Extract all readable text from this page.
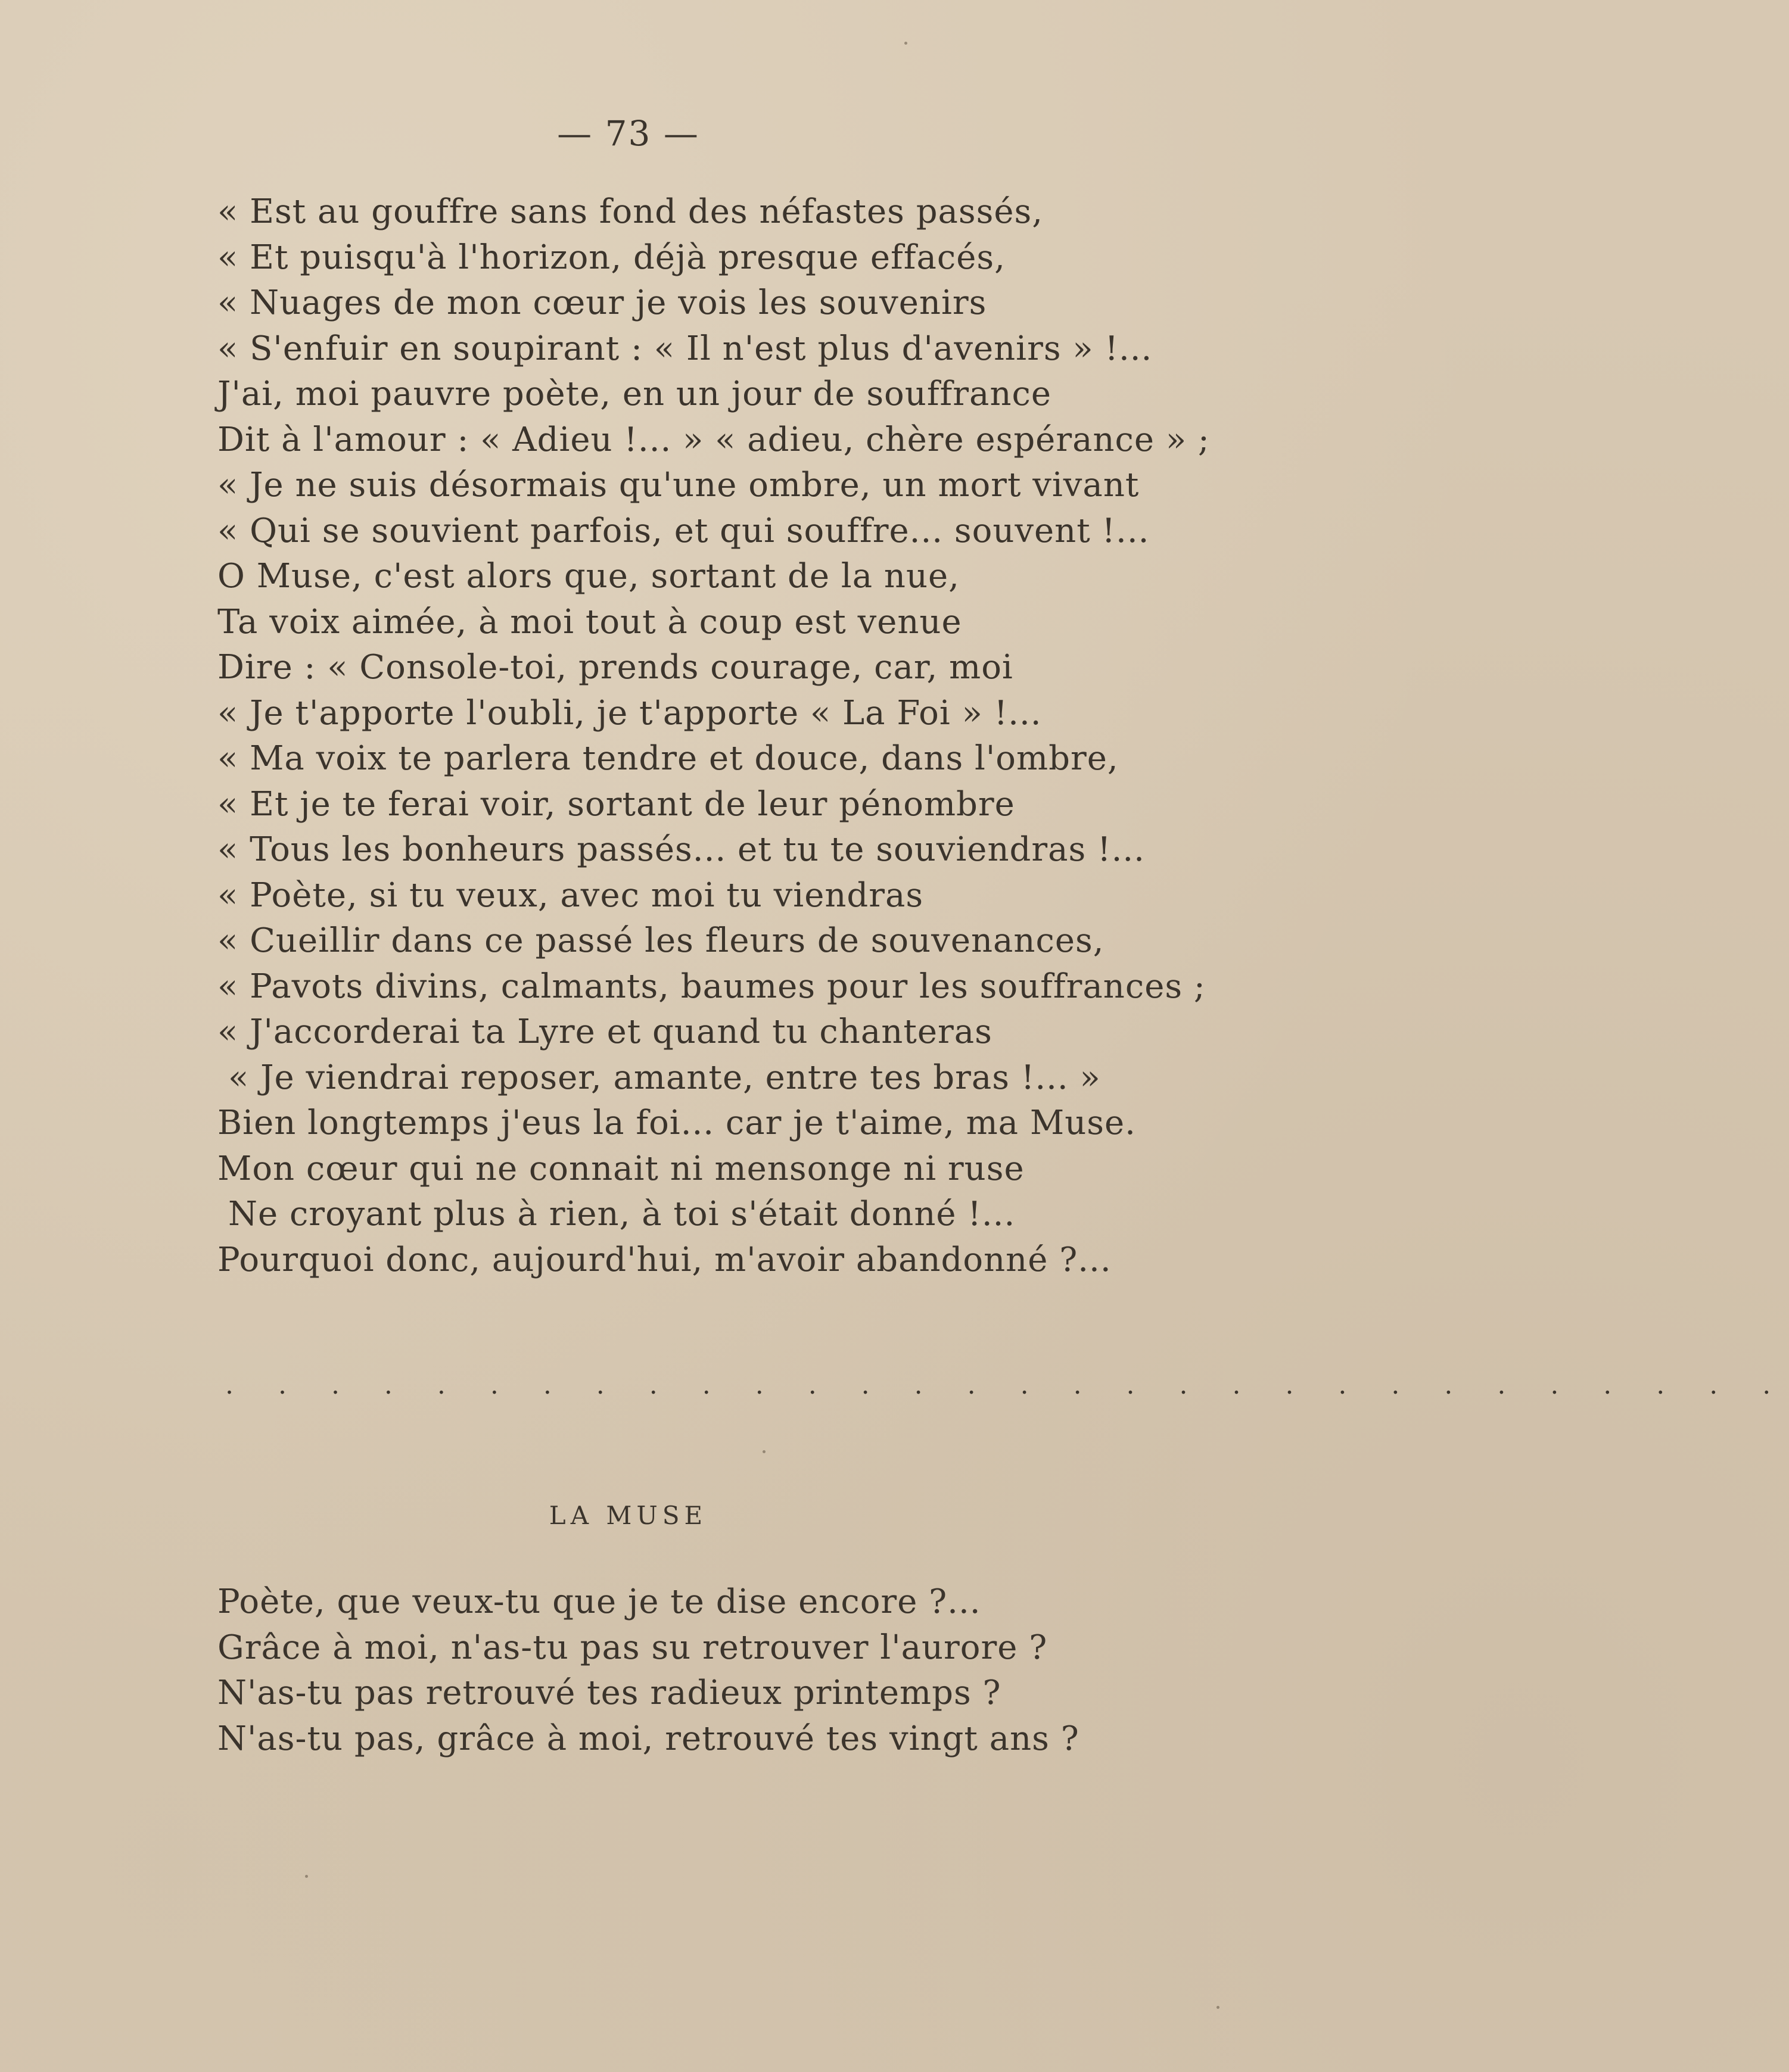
— 73 —
« Est au gouffre sans fond des néfastes passés,
« Et puisqu'à l'horizon, déjà presque effacés,
« Nuages de mon cœur je vois les souvenirs
« S'enfuir en soupirant : « Il n'est plus d'avenirs » !...
J'ai, moi pauvre poète, en un jour de souffrance
Dit à l'amour : « Adieu !... » « adieu, chère espérance » ;
« Je ne suis désormais qu'une ombre, un mort vivant
« Qui se souvient parfois, et qui souffre... souvent !...
O Muse, c'est alors que, sortant de la nue,
Ta voix aimée, à moi tout à coup est venue
Dire : « Console-toi, prends courage, car, moi
« Je t'apporte l'oubli, je t'apporte « La Foi » !...
« Ma voix te parlera tendre et douce, dans l'ombre,
« Et je te ferai voir, sortant de leur pénombre
« Tous les bonheurs passés... et tu te souviendras !...
« Poète, si tu veux, avec moi tu viendras
« Cueillir dans ce passé les fleurs de souvenances,
« Pavots divins, calmants, baumes pour les souffrances ;
« J'accorderai ta Lyre et quand tu chanteras
« Je viendrai reposer, amante, entre tes bras !... »
Bien longtemps j'eus la foi... car je t'aime, ma Muse.
Mon cœur qui ne connait ni mensonge ni ruse
Ne croyant plus à rien, à toi s'était donné !...
Pourquoi donc, aujourd'hui, m'avoir abandonné ?...
. . . . . . . . . . . . . . . . . . . . . . . . . . . . . .
LA MUSE
Poète, que veux-tu que je te dise encore ?...
Grâce à moi, n'as-tu pas su retrouver l'aurore ?
N'as-tu pas retrouvé tes radieux printemps ?
N'as-tu pas, grâce à moi, retrouvé tes vingt ans ?
